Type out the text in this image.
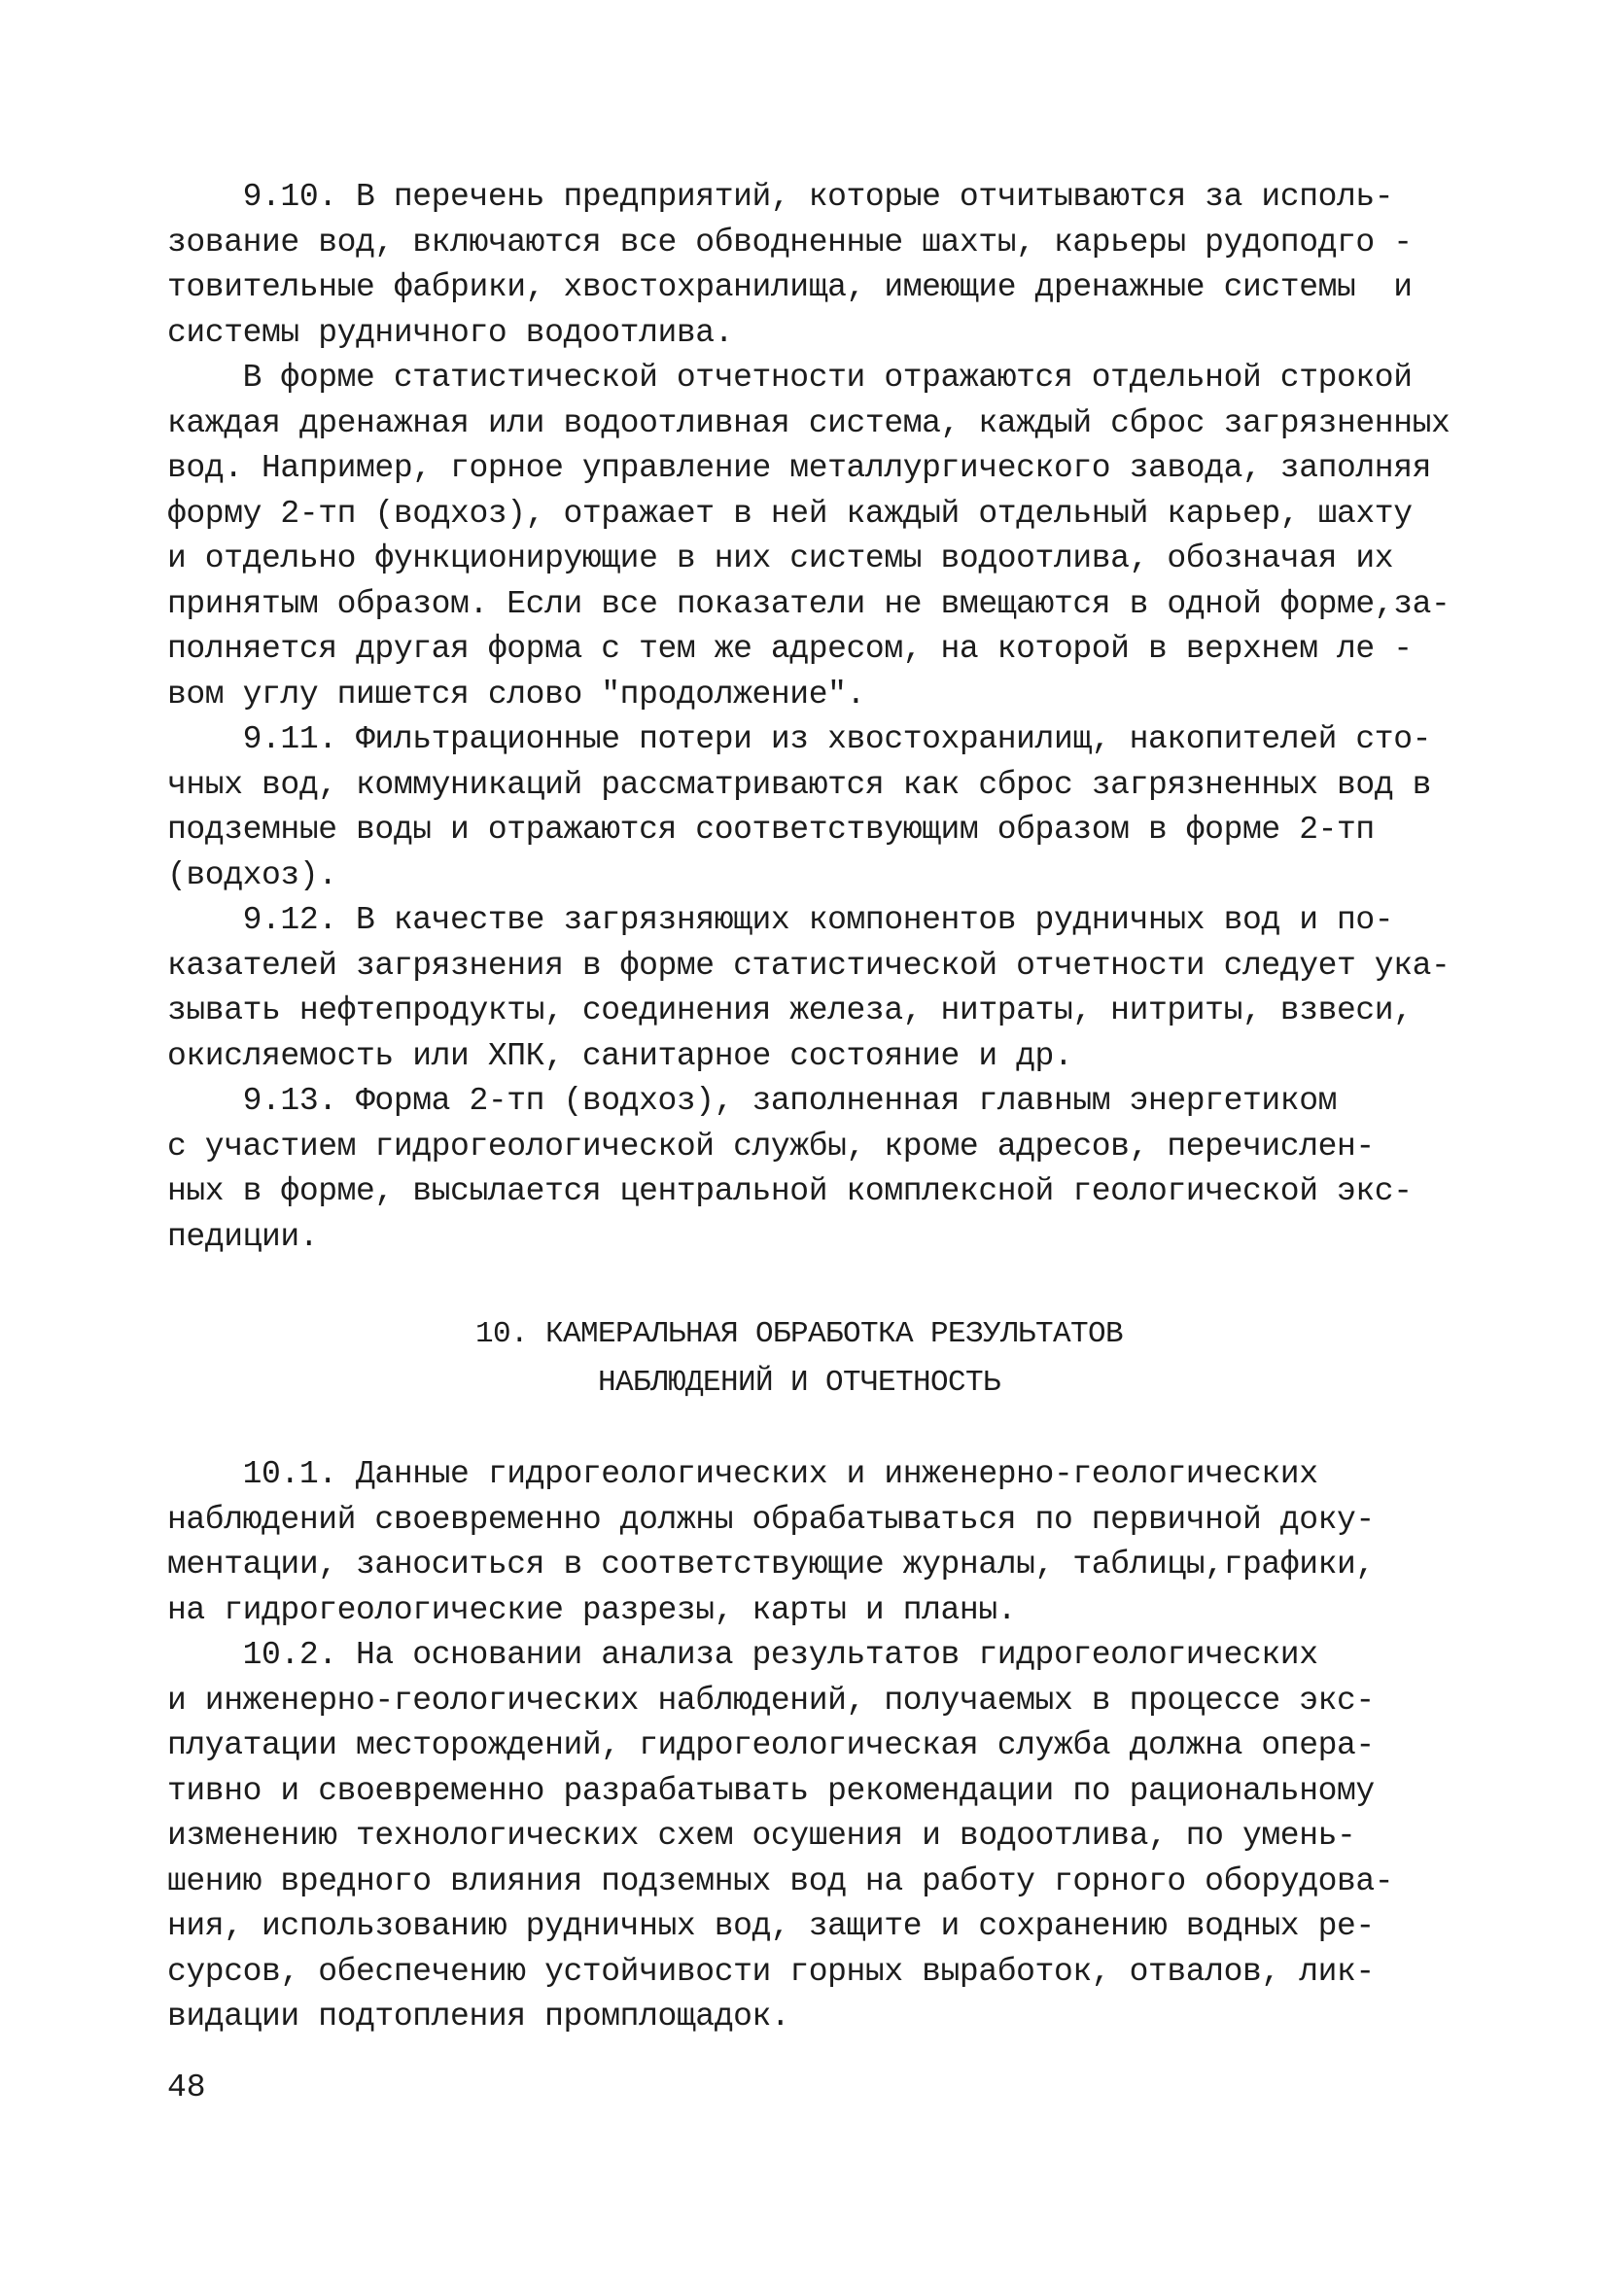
9.10. В перечень предприятий, которые отчитываются за исполь-
зование вод, включаются все обводненные шахты, карьеры рудоподго -
товительные фабрики, хвостохранилища, имеющие дренажные системы  и
системы рудничного водоотлива.
В форме статистической отчетности отражаются отдельной строкой
каждая дренажная или водоотливная система, каждый сброс загрязненных
вод. Например, горное управление металлургического завода, заполняя
форму 2-тп (водхоз), отражает в ней каждый отдельный карьер, шахту
и отдельно функционирующие в них системы водоотлива, обозначая их
принятым образом. Если все показатели не вмещаются в одной форме,за-
полняется другая форма с тем же адресом, на которой в верхнем ле -
вом углу пишется слово "продолжение".
9.11. Фильтрационные потери из хвостохранилищ, накопителей сто-
чных вод, коммуникаций рассматриваются как сброс загрязненных вод в
подземные воды и отражаются соответствующим образом в форме 2-тп
(водхоз).
9.12. В качестве загрязняющих компонентов рудничных вод и по-
казателей загрязнения в форме статистической отчетности следует ука-
зывать нефтепродукты, соединения железа, нитраты, нитриты, взвеси,
окисляемость или ХПК, санитарное состояние и др.
9.13. Форма 2-тп (водхоз), заполненная главным энергетиком
с участием гидрогеологической службы, кроме адресов, перечислен-
ных в форме, высылается центральной комплексной геологической экс-
педиции.
10. КАМЕРАЛЬНАЯ ОБРАБОТКА РЕЗУЛЬТАТОВ
НАБЛЮДЕНИЙ И ОТЧЕТНОСТЬ
10.1. Данные гидрогеологических и инженерно-геологических
наблюдений своевременно должны обрабатываться по первичной доку-
ментации, заноситься в соответствующие журналы, таблицы,графики,
на гидрогеологические разрезы, карты и планы.
10.2. На основании анализа результатов гидрогеологических
и инженерно-геологических наблюдений, получаемых в процессе экс-
плуатации месторождений, гидрогеологическая служба должна опера-
тивно и своевременно разрабатывать рекомендации по рациональному
изменению технологических схем осушения и водоотлива, по умень-
шению вредного влияния подземных вод на работу горного оборудова-
ния, использованию рудничных вод, защите и сохранению водных ре-
сурсов, обеспечению устойчивости горных выработок, отвалов, лик-
видации подтопления промплощадок.
48
